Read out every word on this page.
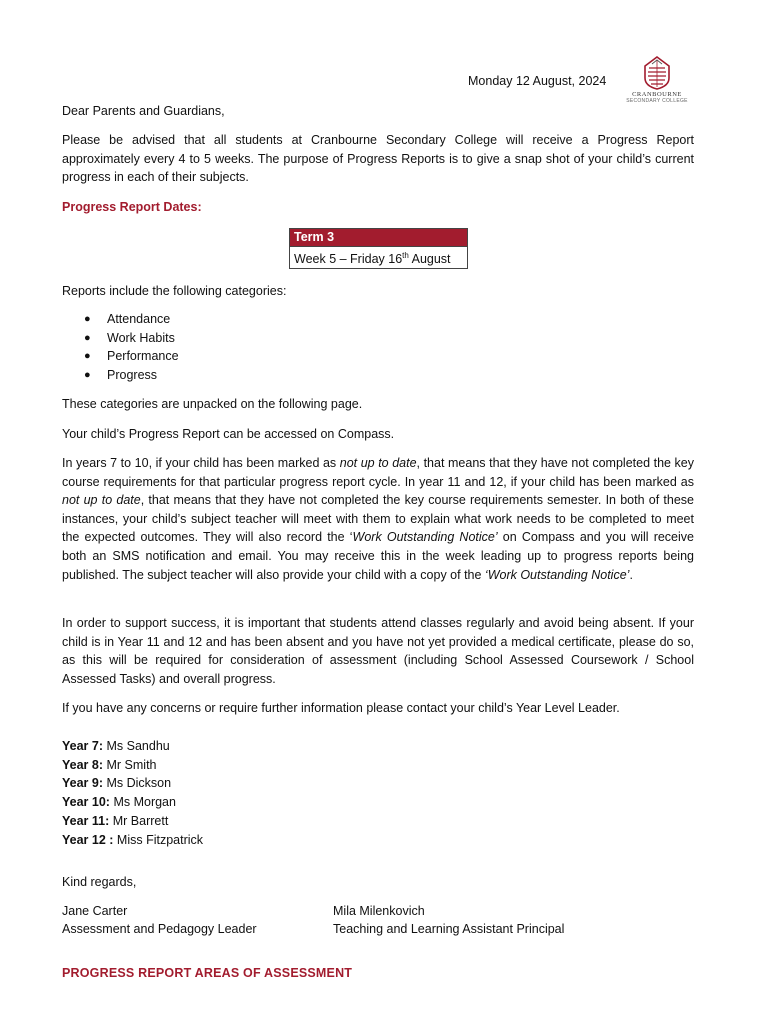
Monday 12 August, 2024
CRANBOURNE
SECONDARY COLLEGE
Dear Parents and Guardians,
Please be advised that all students at Cranbourne Secondary College will receive a Progress Report approximately every 4 to 5 weeks. The purpose of Progress Reports is to give a snap shot of your child’s current progress in each of their subjects.
Progress Report Dates:
Term 3
Week 5 – Friday 16th August
Reports include the following categories:
● Attendance
● Work Habits
● Performance
● Progress
These categories are unpacked on the following page.
Your child’s Progress Report can be accessed on Compass.
In years 7 to 10, if your child has been marked as not up to date, that means that they have not completed the key course requirements for that particular progress report cycle. In year 11 and 12, if your child has been marked as not up to date, that means that they have not completed the key course requirements semester. In both of these instances, your child’s subject teacher will meet with them to explain what work needs to be completed to meet the expected outcomes. They will also record the ‘Work Outstanding Notice’ on Compass and you will receive both an SMS notification and email. You may receive this in the week leading up to progress reports being published. The subject teacher will also provide your child with a copy of the ‘Work Outstanding Notice’.
In order to support success, it is important that students attend classes regularly and avoid being absent. If your child is in Year 11 and 12 and has been absent and you have not yet provided a medical certificate, please do so, as this will be required for consideration of assessment (including School Assessed Coursework / School Assessed Tasks) and overall progress.
If you have any concerns or require further information please contact your child’s Year Level Leader.
Year 7: Ms Sandhu
Year 8: Mr Smith
Year 9: Ms Dickson
Year 10: Ms Morgan
Year 11: Mr Barrett
Year 12 : Miss Fitzpatrick
Kind regards,
Jane Carter
Assessment and Pedagogy Leader
Mila Milenkovich
Teaching and Learning Assistant Principal
PROGRESS REPORT AREAS OF ASSESSMENT
